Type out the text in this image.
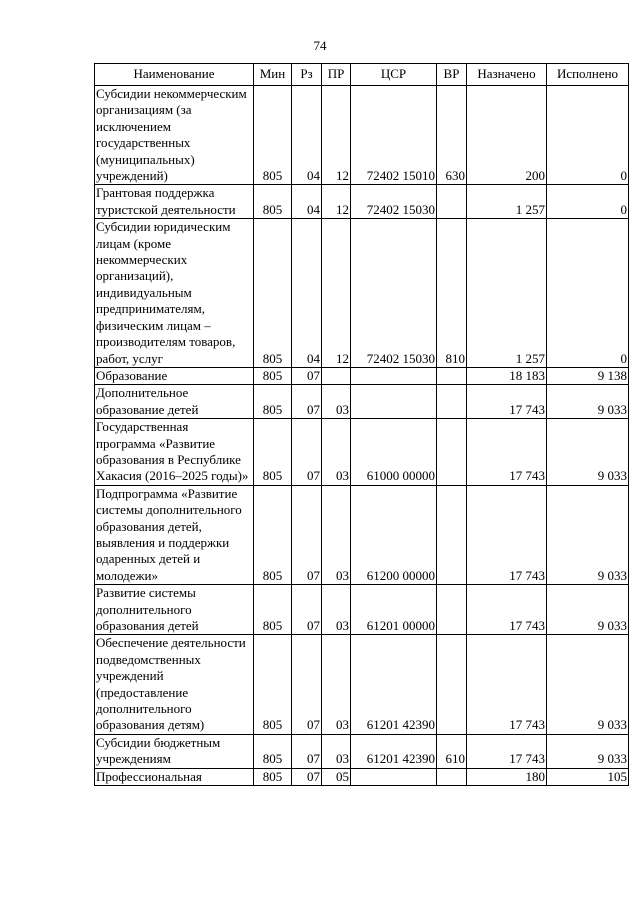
74
Наименование	Мин	Рз	ПР	ЦСР	ВР	Назначено	Исполнено
Субсидии некоммерческим организациям (за исключением государственных (муниципальных) учреждений)	805	04	12	72402 15010	630	200	0
Грантовая поддержка туристской деятельности	805	04	12	72402 15030		1 257	0
Субсидии юридическим лицам (кроме некоммерческих организаций), индивидуальным предпринимателям, физическим лицам – производителям товаров, работ, услуг	805	04	12	72402 15030	810	1 257	0
Образование	805	07				18 183	9 138
Дополнительное образование детей	805	07	03			17 743	9 033
Государственная программа «Развитие образования в Республике Хакасия (2016–2025 годы)»	805	07	03	61000 00000		17 743	9 033
Подпрограмма «Развитие системы дополнительного образования детей, выявления и поддержки одаренных детей и молодежи»	805	07	03	61200 00000		17 743	9 033
Развитие системы дополнительного образования детей	805	07	03	61201 00000		17 743	9 033
Обеспечение деятельности подведомственных учреждений (предоставление дополнительного образования детям)	805	07	03	61201 42390		17 743	9 033
Субсидии бюджетным учреждениям	805	07	03	61201 42390	610	17 743	9 033
Профессиональная	805	07	05			180	105
